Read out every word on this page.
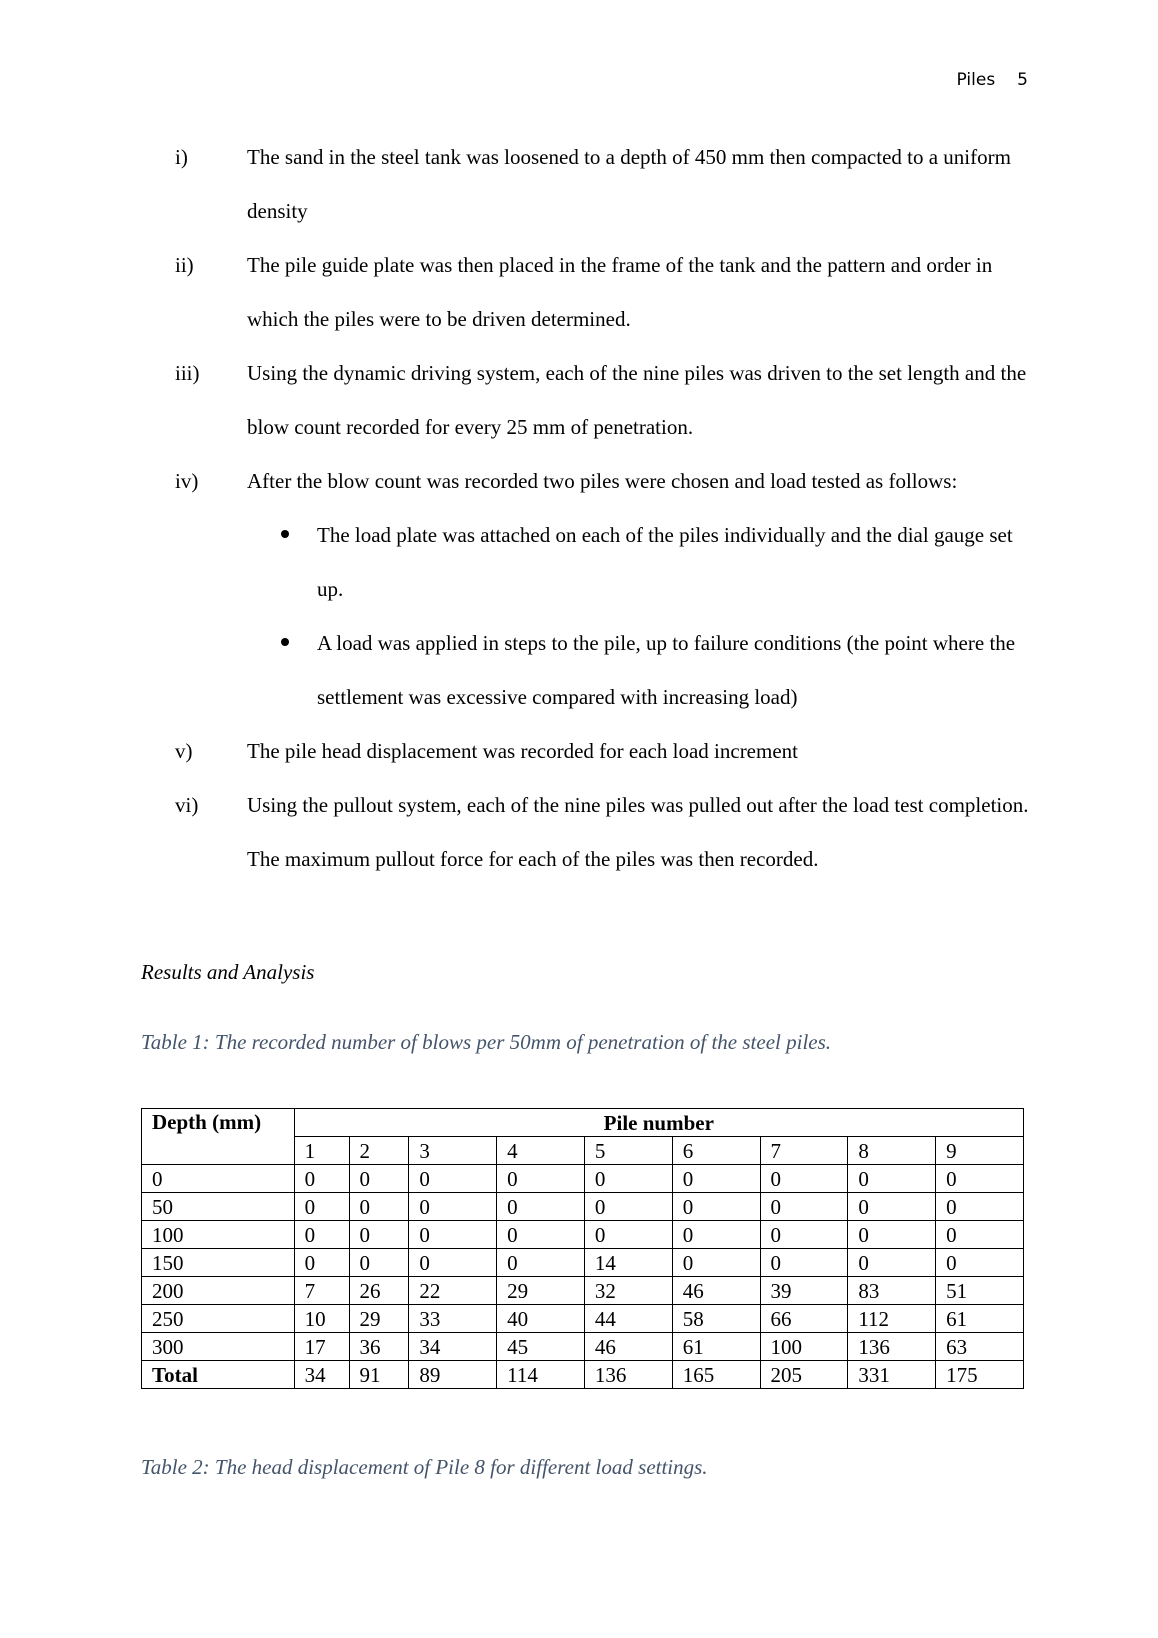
Piles 5
i)	The sand in the steel tank was loosened to a depth of 450 mm then compacted to a uniform density
ii)	The pile guide plate was then placed in the frame of the tank and the pattern and order in which the piles were to be driven determined.
iii) Using the dynamic driving system, each of the nine piles was driven to the set length and the blow count recorded for every 25 mm of penetration.
iv) After the blow count was recorded two piles were chosen and load tested as follows:
The load plate was attached on each of the piles individually and the dial gauge set up.
A load was applied in steps to the pile, up to failure conditions (the point where the settlement was excessive compared with increasing load)
v)	The pile head displacement was recorded for each load increment
vi) Using the pullout system, each of the nine piles was pulled out after the load test completion. The maximum pullout force for each of the piles was then recorded.
Results and Analysis
Table 1: The recorded number of blows per 50mm of penetration of the steel piles.
Depth (mm)	Pile number								
	1	2	3	4	5	6	7	8	9
0	0	0	0	0	0	0	0	0	0
50	0	0	0	0	0	0	0	0	0
100	0	0	0	0	0	0	0	0	0
150	0	0	0	0	14	0	0	0	0
200	7	26	22	29	32	46	39	83	51
250	10	29	33	40	44	58	66	112	61
300	17	36	34	45	46	61	100	136	63
Total	34	91	89	114	136	165	205	331	175
Table 2: The head displacement of Pile 8 for different load settings.
